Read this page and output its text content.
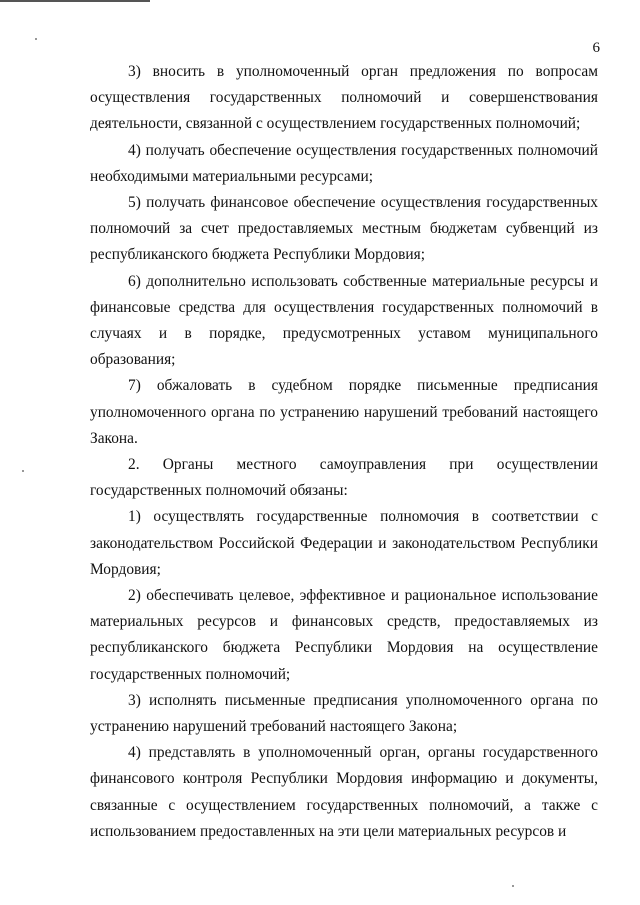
6

3) вносить в уполномоченный орган предложения по вопросам осуществления государственных полномочий и совершенствования деятельности, связанной с осуществлением государственных полномочий;

4) получать обеспечение осуществления государственных полномочий необходимыми материальными ресурсами;

5) получать финансовое обеспечение осуществления государственных полномочий за счет предоставляемых местным бюджетам субвенций из республиканского бюджета Республики Мордовия;

6) дополнительно использовать собственные материальные ресурсы и финансовые средства для осуществления государственных полномочий в случаях и в порядке, предусмотренных уставом муниципального образования;

7) обжаловать в судебном порядке письменные предписания уполномоченного органа по устранению нарушений требований настоящего Закона.

2. Органы местного самоуправления при осуществлении государственных полномочий обязаны:

1) осуществлять государственные полномочия в соответствии с законодательством Российской Федерации и законодательством Республики Мордовия;

2) обеспечивать целевое, эффективное и рациональное использование материальных ресурсов и финансовых средств, предоставляемых из республиканского бюджета Республики Мордовия на осуществление государственных полномочий;

3) исполнять письменные предписания уполномоченного органа по устранению нарушений требований настоящего Закона;

4) представлять в уполномоченный орган, органы государственного финансового контроля Республики Мордовия информацию и документы, связанные с осуществлением государственных полномочий, а также с использованием предоставленных на эти цели материальных ресурсов и
